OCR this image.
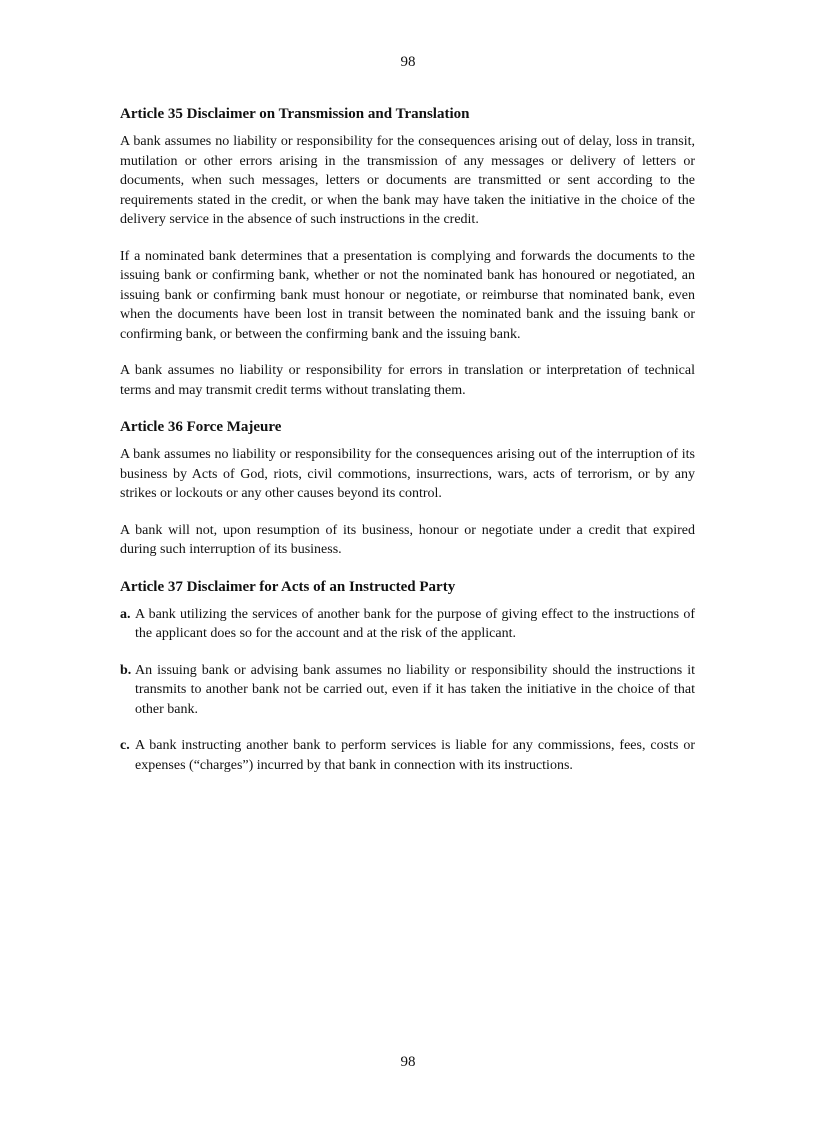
98
Article 35 Disclaimer on Transmission and Translation

A bank assumes no liability or responsibility for the consequences arising out of delay, loss in transit, mutilation or other errors arising in the transmission of any messages or delivery of letters or documents, when such messages, letters or documents are transmitted or sent according to the requirements stated in the credit, or when the bank may have taken the initiative in the choice of the delivery service in the absence of such instructions in the credit.

If a nominated bank determines that a presentation is complying and forwards the documents to the issuing bank or confirming bank, whether or not the nominated bank has honoured or negotiated, an issuing bank or confirming bank must honour or negotiate, or reimburse that nominated bank, even when the documents have been lost in transit between the nominated bank and the issuing bank or confirming bank, or between the confirming bank and the issuing bank.

A bank assumes no liability or responsibility for errors in translation or interpretation of technical terms and may transmit credit terms without translating them.

Article 36 Force Majeure

A bank assumes no liability or responsibility for the consequences arising out of the interruption of its business by Acts of God, riots, civil commotions, insurrections, wars, acts of terrorism, or by any strikes or lockouts or any other causes beyond its control.

A bank will not, upon resumption of its business, honour or negotiate under a credit that expired during such interruption of its business.

Article 37 Disclaimer for Acts of an Instructed Party
a. A bank utilizing the services of another bank for the purpose of giving effect to the instructions of the applicant does so for the account and at the risk of the applicant.
b. An issuing bank or advising bank assumes no liability or responsibility should the instructions it transmits to another bank not be carried out, even if it has taken the initiative in the choice of that other bank.
c. A bank instructing another bank to perform services is liable for any commissions, fees, costs or expenses (“charges”) incurred by that bank in connection with its instructions.
98
